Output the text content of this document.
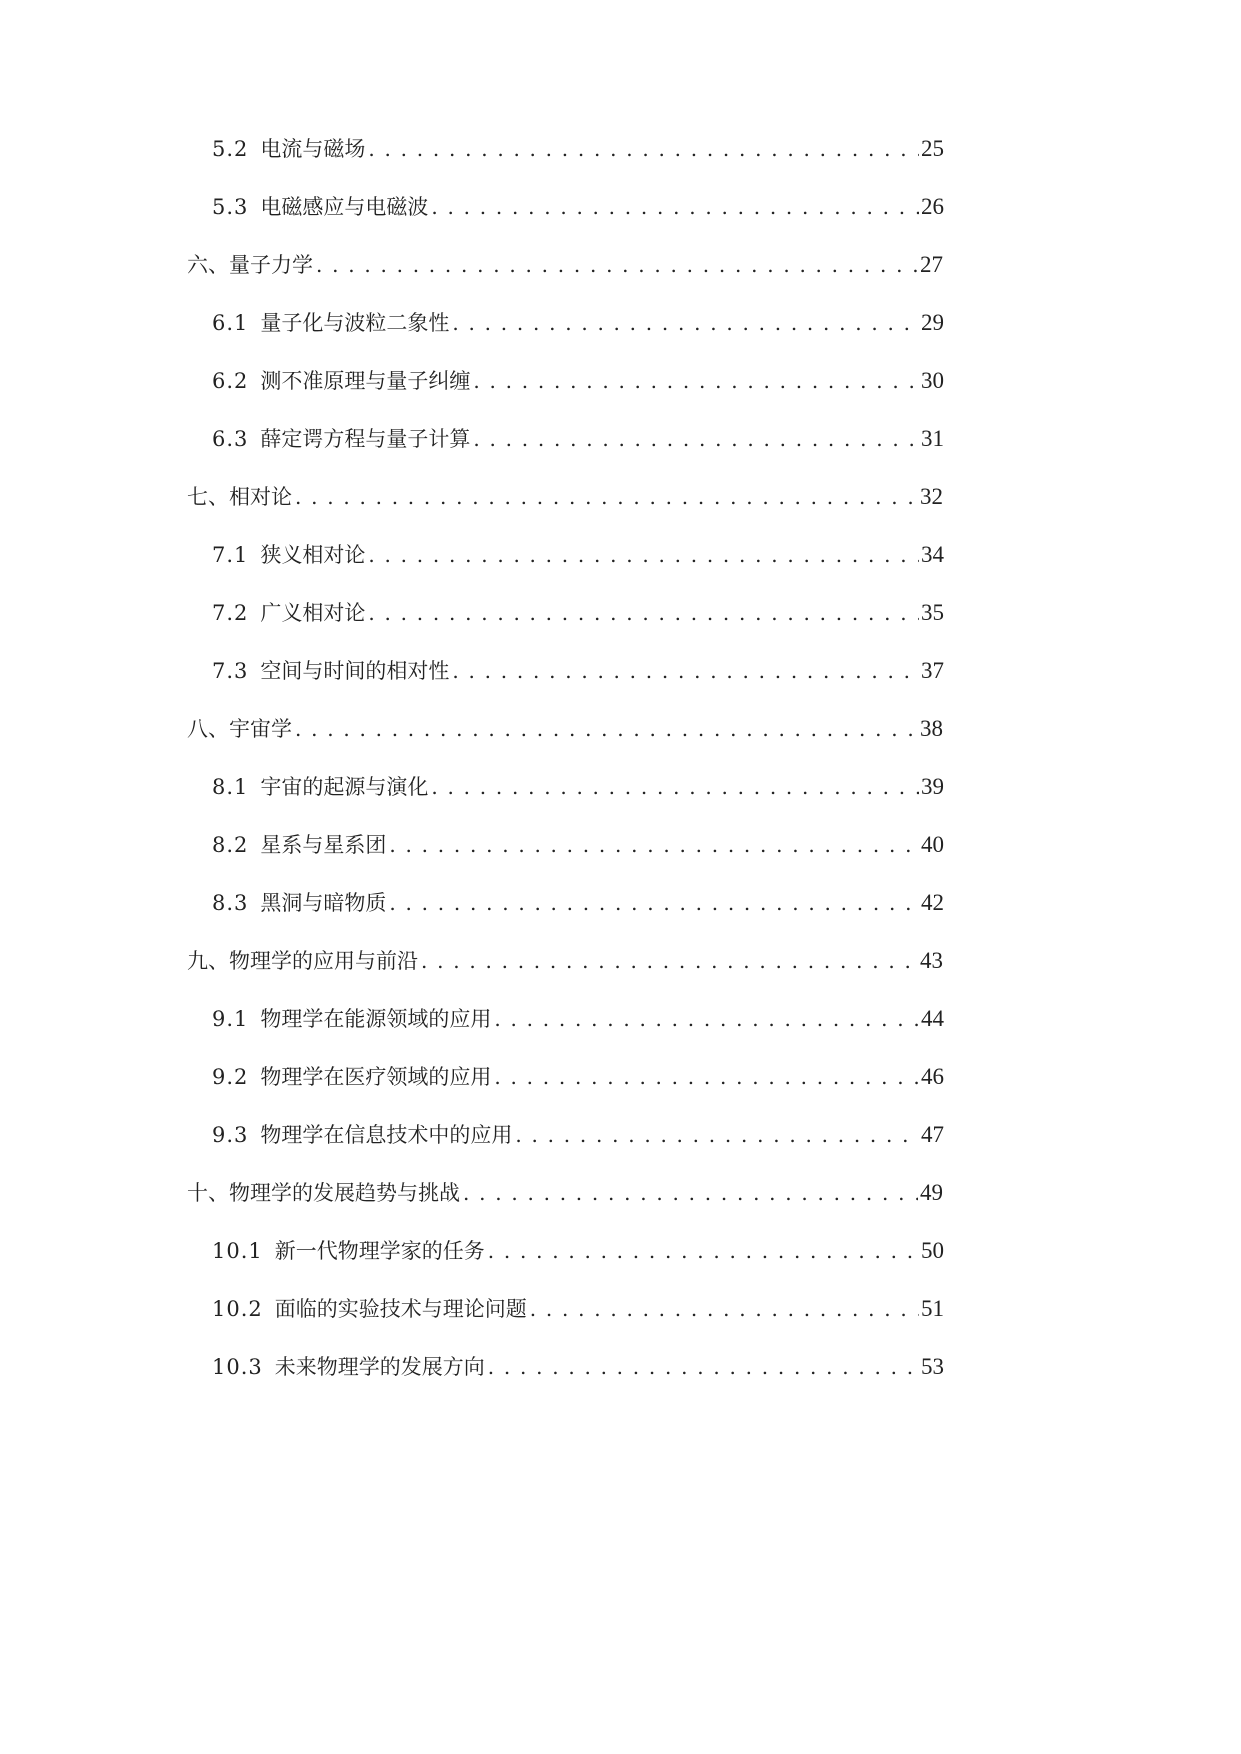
5.2 电流与磁场 . . .	25
5.3 电磁感应与电磁波 . . .	26
六、 量子力学 . . .	27
6.1 量子化与波粒二象性 . . .	29
6.2 测不准原理与量子纠缠 . . .	30
6.3 薛定谔方程与量子计算 . . .	31
七、 相对论 . . .	32
7.1 狭义相对论 . . .	34
7.2 广义相对论 . . .	35
7.3 空间与时间的相对性 . . .	37
八、 宇宙学 . . .	38
8.1 宇宙的起源与演化 . . .	39
8.2 星系与星系团 . . .	40
8.3 黑洞与暗物质 . . .	42
九、 物理学的应用与前沿 . . .	43
9.1 物理学在能源领域的应用 . . .	44
9.2 物理学在医疗领域的应用 . . .	46
9.3 物理学在信息技术中的应用 . . .	47
十、 物理学的发展趋势与挑战 . . .	49
10.1 新一代物理学家的任务 . . .	50
10.2 面临的实验技术与理论问题 . . .	51
10.3 未来物理学的发展方向 . . .	53
